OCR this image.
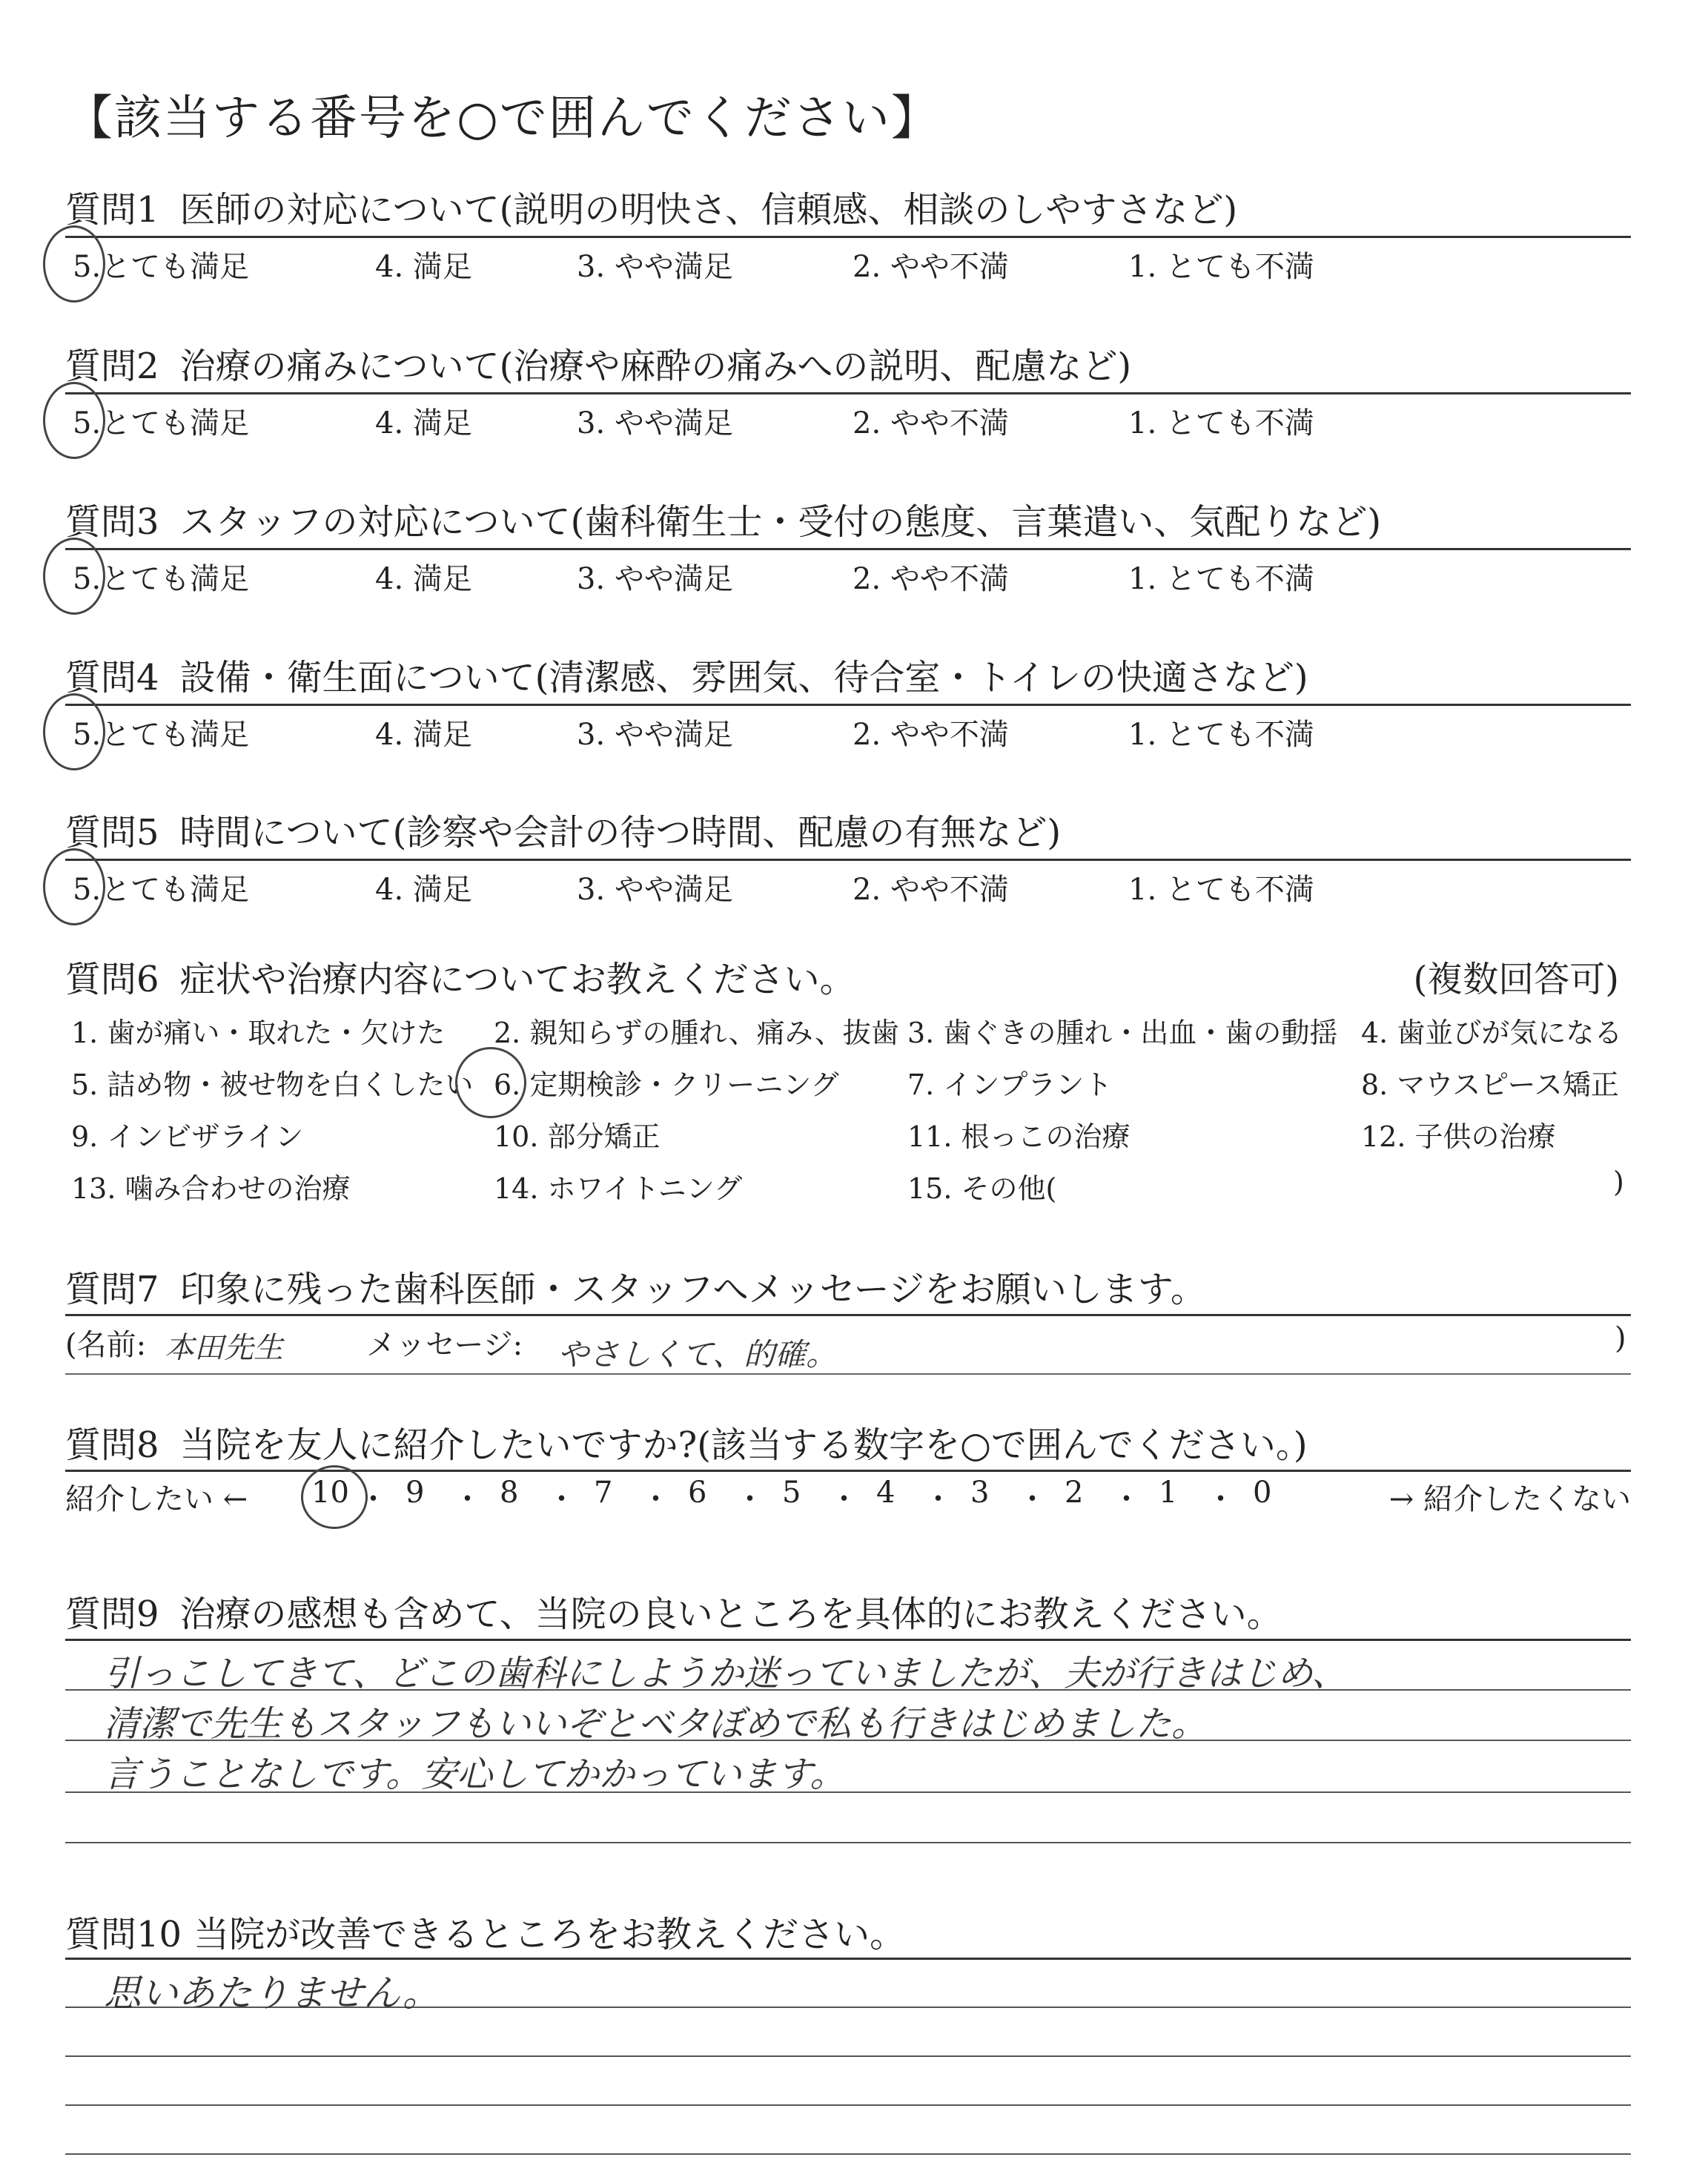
【該当する番号を○で囲んでください】
質問1 医師の対応について(説明の明快さ、信頼感、相談のしやすさなど)
5.とても満足	4. 満足	3. やや満足	2. やや不満	1. とても不満
質問2 治療の痛みについて(治療や麻酔の痛みへの説明、配慮など)
5.とても満足	4. 満足	3. やや満足	2. やや不満	1. とても不満
質問3 スタッフの対応について(歯科衛生士・受付の態度、言葉遣い、気配りなど)
5.とても満足	4. 満足	3. やや満足	2. やや不満	1. とても不満
質問4 設備・衛生面について(清潔感、雰囲気、待合室・トイレの快適さなど)
5.とても満足	4. 満足	3. やや満足	2. やや不満	1. とても不満
質問5 時間について(診察や会計の待つ時間、配慮の有無など)
5.とても満足	4. 満足	3. やや満足	2. やや不満	1. とても不満
質問6 症状や治療内容についてお教えください。	(複数回答可)
1. 歯が痛い・取れた・欠けた 2. 親知らずの腫れ、痛み、抜歯 3. 歯ぐきの腫れ・出血・歯の動揺 4. 歯並びが気になる
5. 詰め物・被せ物を白くしたい 6. 定期検診・クリーニング 7. インプラント	8. マウスピース矯正
9. インビザライン	10. 部分矯正	11. 根っこの治療	12. 子供の治療
13. 噛み合わせの治療	14. ホワイトニング	15. その他(	)
質問7 印象に残った歯科医師・スタッフへメッセージをお願いします。
(名前: 本田先生	メッセージ: やさしくて、的確。	)
質問8 当院を友人に紹介したいですか?(該当する数字を○で囲んでください。)
紹介したい ←	→ 紹介したくない
10 ・ 9 ・ 8 ・ 7 ・ 6 ・ 5 ・ 4 ・ 3 ・ 2 ・ 1 ・ 0
質問9 治療の感想も含めて、当院の良いところを具体的にお教えください。
引っこしてきて、どこの歯科にしようか迷っていましたが、夫が行きはじめ、
清潔で先生もスタッフもいいぞとベタぼめで私も行きはじめました。
言うことなしです。安心してかかっています。
質問10 当院が改善できるところをお教えください。
思いあたりません。
